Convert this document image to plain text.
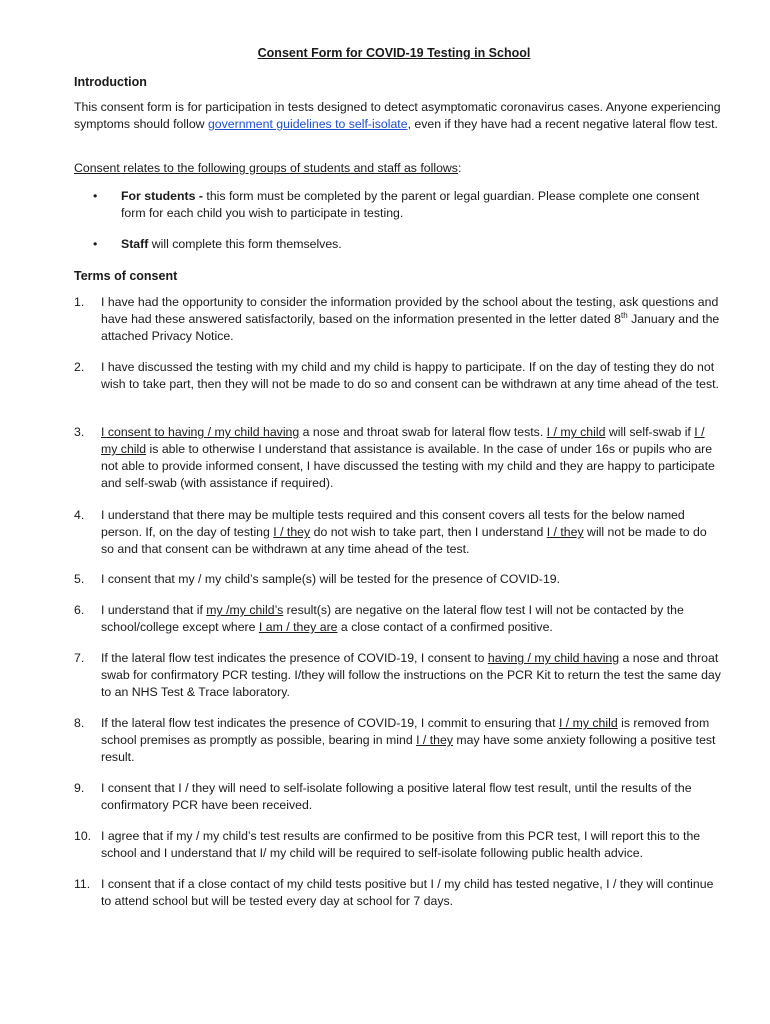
Consent Form for COVID-19 Testing in School
Introduction
This consent form is for participation in tests designed to detect asymptomatic coronavirus cases. Anyone experiencing symptoms should follow government guidelines to self-isolate, even if they have had a recent negative lateral flow test.
Consent relates to the following groups of students and staff as follows:
• For students - this form must be completed by the parent or legal guardian. Please complete one consent form for each child you wish to participate in testing.
• Staff will complete this form themselves.
Terms of consent
1. I have had the opportunity to consider the information provided by the school about the testing, ask questions and have had these answered satisfactorily, based on the information presented in the letter dated 8th January and the attached Privacy Notice.
2. I have discussed the testing with my child and my child is happy to participate. If on the day of testing they do not wish to take part, then they will not be made to do so and consent can be withdrawn at any time ahead of the test.
3. I consent to having / my child having a nose and throat swab for lateral flow tests. I / my child will self-swab if I / my child is able to otherwise I understand that assistance is available. In the case of under 16s or pupils who are not able to provide informed consent, I have discussed the testing with my child and they are happy to participate and self-swab (with assistance if required).
4. I understand that there may be multiple tests required and this consent covers all tests for the below named person. If, on the day of testing I / they do not wish to take part, then I understand I / they will not be made to do so and that consent can be withdrawn at any time ahead of the test.
5. I consent that my / my child’s sample(s) will be tested for the presence of COVID-19.
6. I understand that if my /my child’s result(s) are negative on the lateral flow test I will not be contacted by the school/college except where I am / they are a close contact of a confirmed positive.
7. If the lateral flow test indicates the presence of COVID-19, I consent to having / my child having a nose and throat swab for confirmatory PCR testing. I/they will follow the instructions on the PCR Kit to return the test the same day to an NHS Test & Trace laboratory.
8. If the lateral flow test indicates the presence of COVID-19, I commit to ensuring that I / my child is removed from school premises as promptly as possible, bearing in mind I / they may have some anxiety following a positive test result.
9. I consent that I / they will need to self-isolate following a positive lateral flow test result, until the results of the confirmatory PCR have been received.
10. I agree that if my / my child’s test results are confirmed to be positive from this PCR test, I will report this to the school and I understand that I/ my child will be required to self-isolate following public health advice.
11. I consent that if a close contact of my child tests positive but I / my child has tested negative, I / they will continue to attend school but will be tested every day at school for 7 days.
